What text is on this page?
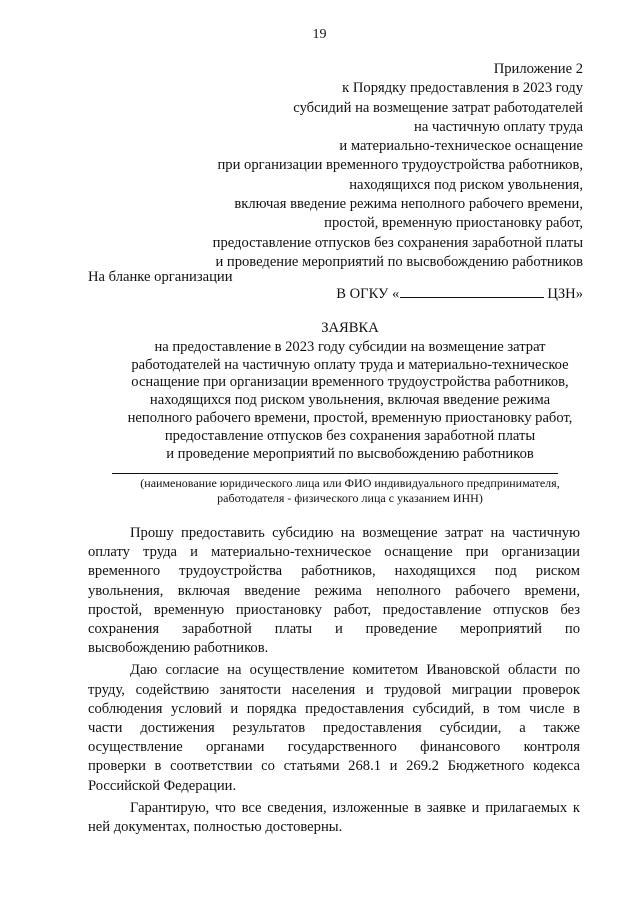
19
Приложение 2
к Порядку предоставления в 2023 году
субсидий на возмещение затрат работодателей
на частичную оплату труда
и материально-техническое оснащение
при организации временного трудоустройства работников,
находящихся под риском увольнения,
включая введение режима неполного рабочего времени,
простой, временную приостановку работ,
предоставление отпусков без сохранения заработной платы
и проведение мероприятий по высвобождению работников
На бланке организации
В ОГКУ «	ЦЗН»
ЗАЯВКА
на предоставление в 2023 году субсидии на возмещение затрат
работодателей на частичную оплату труда и материально-техническое
оснащение при организации временного трудоустройства работников,
находящихся под риском увольнения, включая введение режима
неполного рабочего времени, простой, временную приостановку работ,
предоставление отпусков без сохранения заработной платы
и проведение мероприятий по высвобождению работников
(наименование юридического лица или ФИО индивидуального предпринимателя,
работодателя - физического лица с указанием ИНН)

Прошу предоставить субсидию на возмещение затрат на частичную
оплату труда и материально-техническое оснащение при организации
временного трудоустройства работников, находящихся под риском
увольнения, включая введение режима неполного рабочего времени,
простой, временную приостановку работ, предоставление отпусков без
сохранения заработной платы и проведение мероприятий по
высвобождению работников.

Даю согласие на осуществление комитетом Ивановской области по
труду, содействию занятости населения и трудовой миграции проверок
соблюдения условий и порядка предоставления субсидий, в том числе в
части достижения результатов предоставления субсидии, а также
осуществление органами государственного финансового контроля
проверки в соответствии со статьями 268.1 и 269.2 Бюджетного кодекса
Российской Федерации.

Гарантирую, что все сведения, изложенные в заявке и прилагаемых к
ней документах, полностью достоверны.
